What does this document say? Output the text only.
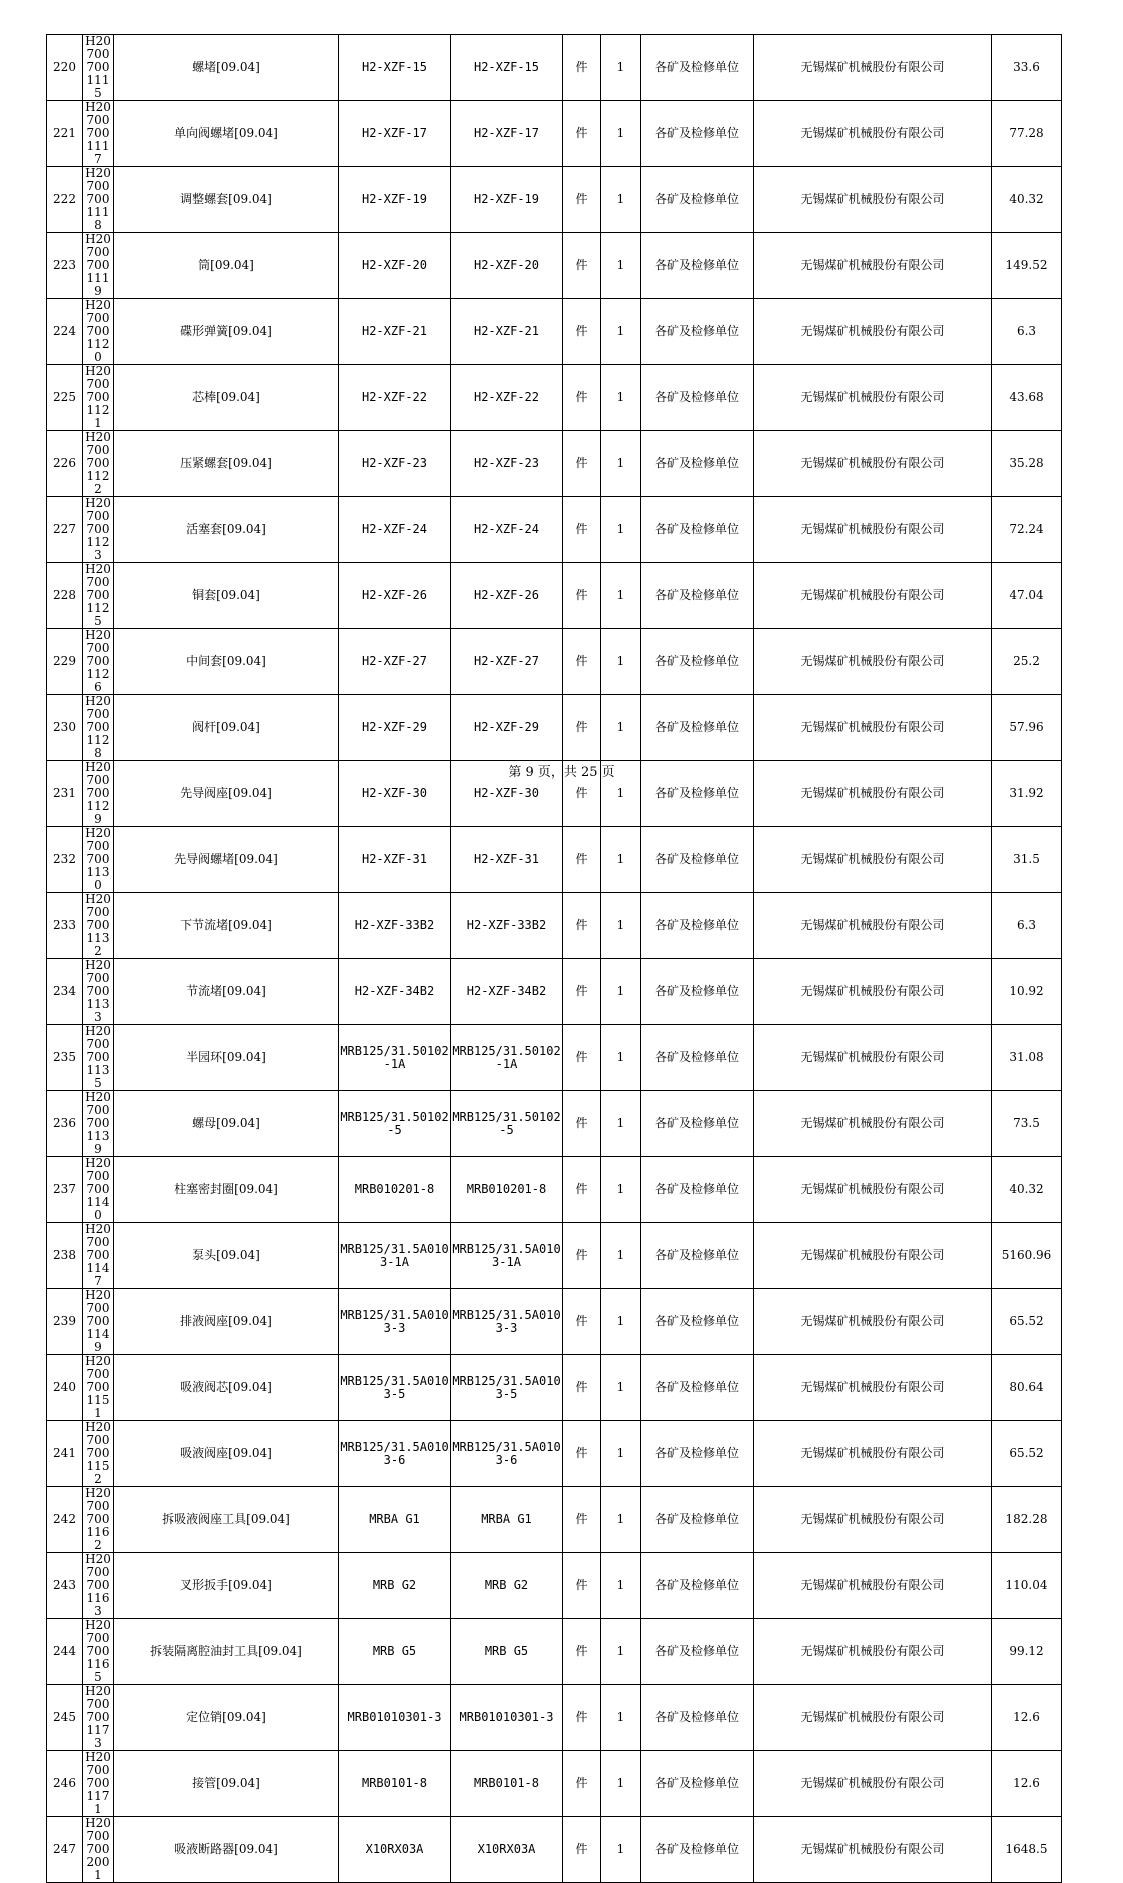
220	H207007001115	螺堵[09.04]	H2-XZF-15	H2-XZF-15	件	1	各矿及检修单位	无锡煤矿机械股份有限公司	33.6
221	H207007001117	单向阀螺堵[09.04]	H2-XZF-17	H2-XZF-17	件	1	各矿及检修单位	无锡煤矿机械股份有限公司	77.28
222	H207007001118	调整螺套[09.04]	H2-XZF-19	H2-XZF-19	件	1	各矿及检修单位	无锡煤矿机械股份有限公司	40.32
223	H207007001119	筒[09.04]	H2-XZF-20	H2-XZF-20	件	1	各矿及检修单位	无锡煤矿机械股份有限公司	149.52
224	H207007001120	碟形弹簧[09.04]	H2-XZF-21	H2-XZF-21	件	1	各矿及检修单位	无锡煤矿机械股份有限公司	6.3
225	H207007001121	芯棒[09.04]	H2-XZF-22	H2-XZF-22	件	1	各矿及检修单位	无锡煤矿机械股份有限公司	43.68
226	H207007001122	压紧螺套[09.04]	H2-XZF-23	H2-XZF-23	件	1	各矿及检修单位	无锡煤矿机械股份有限公司	35.28
227	H207007001123	活塞套[09.04]	H2-XZF-24	H2-XZF-24	件	1	各矿及检修单位	无锡煤矿机械股份有限公司	72.24
228	H207007001125	铜套[09.04]	H2-XZF-26	H2-XZF-26	件	1	各矿及检修单位	无锡煤矿机械股份有限公司	47.04
229	H207007001126	中间套[09.04]	H2-XZF-27	H2-XZF-27	件	1	各矿及检修单位	无锡煤矿机械股份有限公司	25.2
230	H207007001128	阀杆[09.04]	H2-XZF-29	H2-XZF-29	件	1	各矿及检修单位	无锡煤矿机械股份有限公司	57.96
231	H207007001129	先导阀座[09.04]	H2-XZF-30	H2-XZF-30	件	1	各矿及检修单位	无锡煤矿机械股份有限公司	31.92
232	H207007001130	先导阀螺堵[09.04]	H2-XZF-31	H2-XZF-31	件	1	各矿及检修单位	无锡煤矿机械股份有限公司	31.5
233	H207007001132	下节流堵[09.04]	H2-XZF-33B2	H2-XZF-33B2	件	1	各矿及检修单位	无锡煤矿机械股份有限公司	6.3
234	H207007001133	节流堵[09.04]	H2-XZF-34B2	H2-XZF-34B2	件	1	各矿及检修单位	无锡煤矿机械股份有限公司	10.92
235	H207007001135	半园环[09.04]	MRB125/31.50102-1A	MRB125/31.50102-1A	件	1	各矿及检修单位	无锡煤矿机械股份有限公司	31.08
236	H207007001139	螺母[09.04]	MRB125/31.50102-5	MRB125/31.50102-5	件	1	各矿及检修单位	无锡煤矿机械股份有限公司	73.5
237	H207007001140	柱塞密封圈[09.04]	MRB010201-8	MRB010201-8	件	1	各矿及检修单位	无锡煤矿机械股份有限公司	40.32
238	H207007001147	泵头[09.04]	MRB125/31.5A0103-1A	MRB125/31.5A0103-1A	件	1	各矿及检修单位	无锡煤矿机械股份有限公司	5160.96
239	H207007001149	排液阀座[09.04]	MRB125/31.5A0103-3	MRB125/31.5A0103-3	件	1	各矿及检修单位	无锡煤矿机械股份有限公司	65.52
240	H207007001151	吸液阀芯[09.04]	MRB125/31.5A0103-5	MRB125/31.5A0103-5	件	1	各矿及检修单位	无锡煤矿机械股份有限公司	80.64
241	H207007001152	吸液阀座[09.04]	MRB125/31.5A0103-6	MRB125/31.5A0103-6	件	1	各矿及检修单位	无锡煤矿机械股份有限公司	65.52
242	H207007001162	拆吸液阀座工具[09.04]	MRBA G1	MRBA G1	件	1	各矿及检修单位	无锡煤矿机械股份有限公司	182.28
243	H207007001163	叉形扳手[09.04]	MRB G2	MRB G2	件	1	各矿及检修单位	无锡煤矿机械股份有限公司	110.04
244	H207007001165	拆装隔离腔油封工具[09.04]	MRB G5	MRB G5	件	1	各矿及检修单位	无锡煤矿机械股份有限公司	99.12
245	H207007001173	定位销[09.04]	MRB01010301-3	MRB01010301-3	件	1	各矿及检修单位	无锡煤矿机械股份有限公司	12.6
246	H207007001171	接管[09.04]	MRB0101-8	MRB0101-8	件	1	各矿及检修单位	无锡煤矿机械股份有限公司	12.6
247	H207007002001	吸液断路器[09.04]	X10RX03A	X10RX03A	件	1	各矿及检修单位	无锡煤矿机械股份有限公司	1648.5
第 9 页，共 25 页
